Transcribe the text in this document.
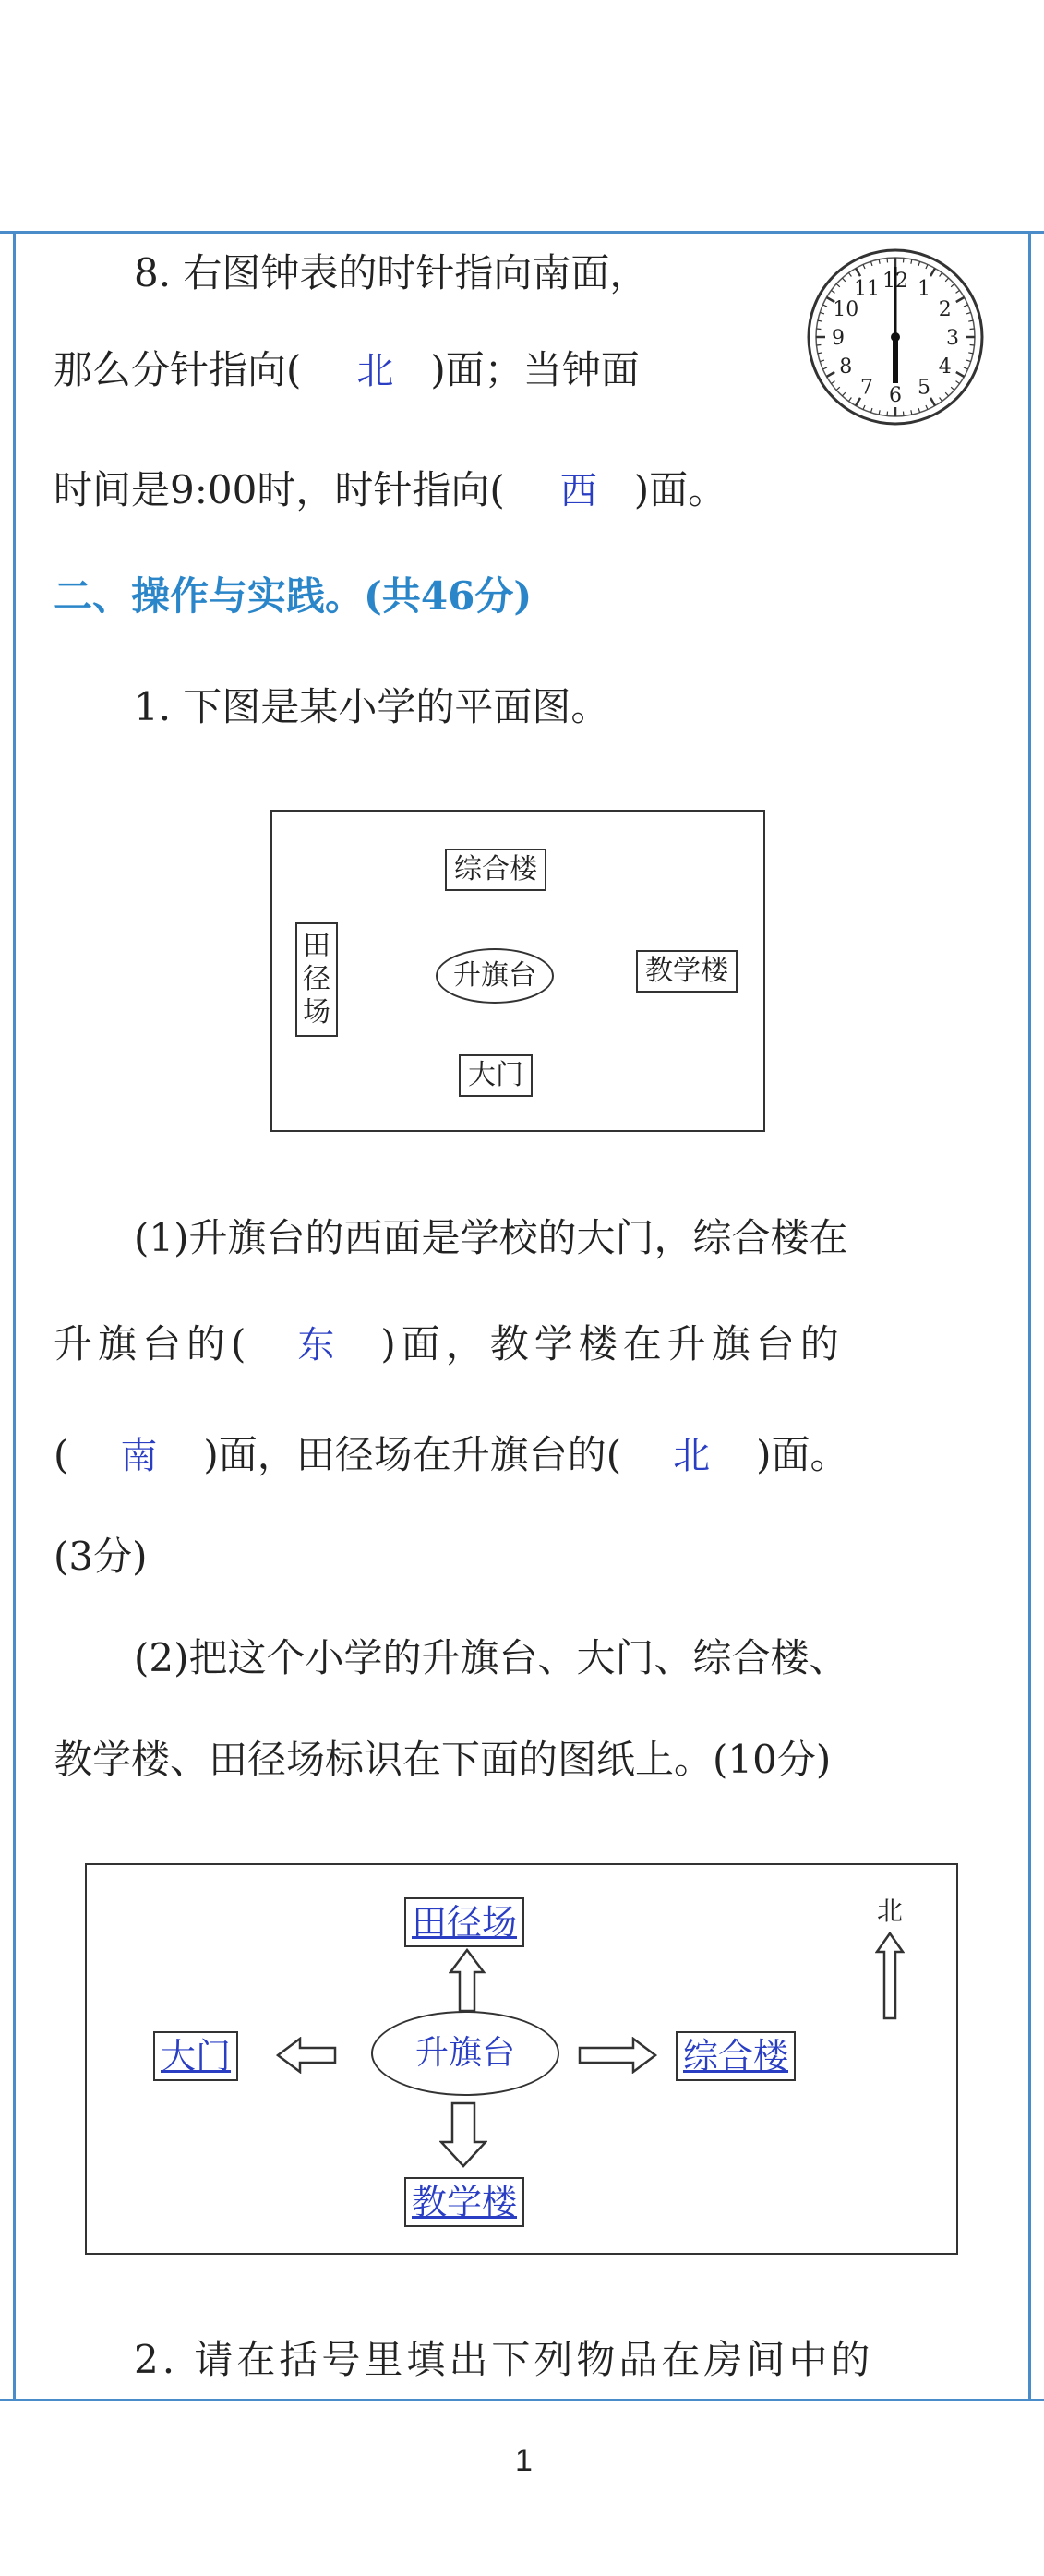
8. 右图钟表的时针指向南面，
那么分针指向( 北 )面；当钟面
时间是9:00时，时针指向( 西 )面。
12 1
2
3
4
5
6
7
8
9
10
11
二、操作与实践。(共46分)
1. 下图是某小学的平面图。
综合楼
田径场
升旗台	教学楼
大门
(1)升旗台的西面是学校的大门，综合楼在
升旗台的( 东 )面，教学楼在升旗台的
( 南 )面，田径场在升旗台的( 北 )面。
(3分)
(2)把这个小学的升旗台、大门、综合楼、
教学楼、田径场标识在下面的图纸上。(10分)
田径场
大门	升旗台	综合楼
教学楼
北
2. 请在括号里填出下列物品在房间中的
1
